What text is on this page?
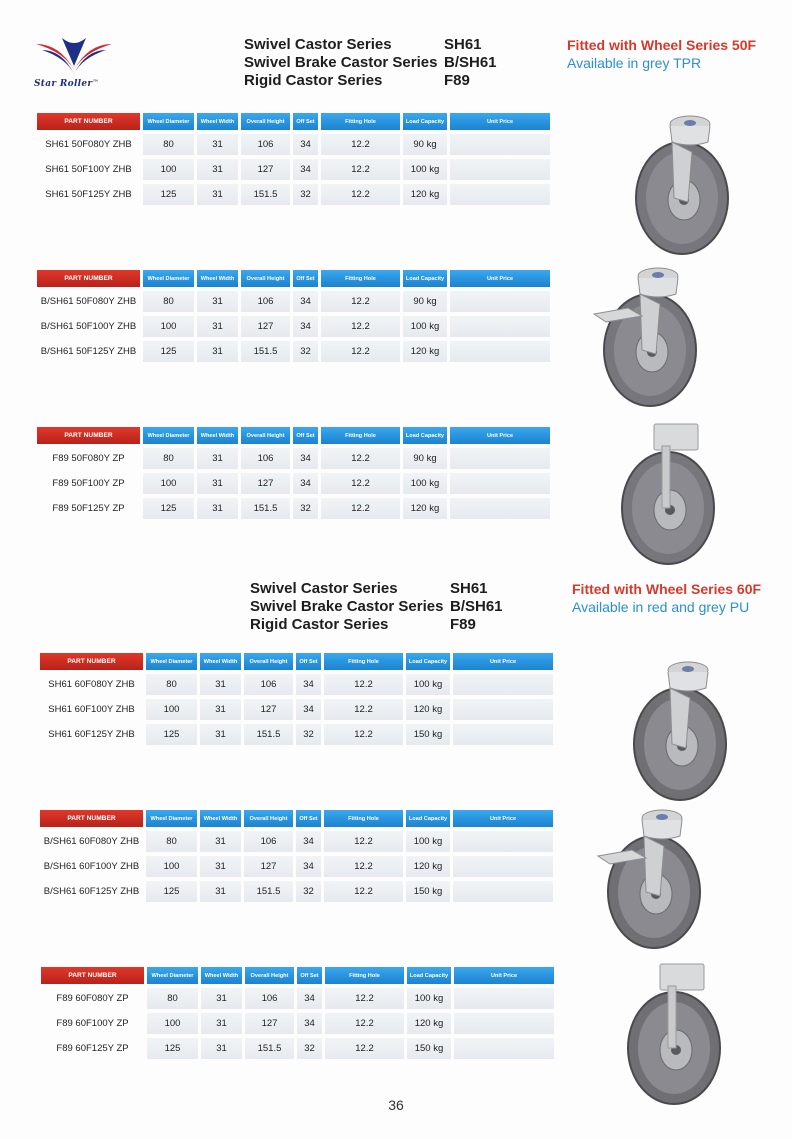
Star Roller™
Swivel Castor Series	SH61
Swivel Brake Castor Series B/SH61
Rigid Castor Series	F89
Fitted with Wheel Series 50F
Available in grey TPR
Swivel Castor Series	SH61
Swivel Brake Castor Series B/SH61
Rigid Castor Series	F89
Fitted with Wheel Series 60F
Available in red and grey PU
PART NUMBER	Wheel Diameter	Wheel Width	Overall Height	Off Set	Fitting Hole	Load Capacity	Unit Price
SH61 50F080Y ZHB	80	31	106	34	12.2	90 kg
SH61 50F100Y ZHB	100	31	127	34	12.2	100 kg
SH61 50F125Y ZHB	125	31	151.5	32	12.2	120 kg
PART NUMBER	Wheel Diameter	Wheel Width	Overall Height	Off Set	Fitting Hole	Load Capacity	Unit Price
B/SH61 50F080Y ZHB	80	31	106	34	12.2	90 kg
B/SH61 50F100Y ZHB	100	31	127	34	12.2	100 kg
B/SH61 50F125Y ZHB	125	31	151.5	32	12.2	120 kg
PART NUMBER	Wheel Diameter	Wheel Width	Overall Height	Off Set	Fitting Hole	Load Capacity	Unit Price
F89 50F080Y ZP	80	31	106	34	12.2	90 kg
F89 50F100Y ZP	100	31	127	34	12.2	100 kg
F89 50F125Y ZP	125	31	151.5	32	12.2	120 kg
PART NUMBER	Wheel Diameter	Wheel Width	Overall Height	Off Set	Fitting Hole	Load Capacity	Unit Price
SH61 60F080Y ZHB	80	31	106	34	12.2	100 kg
SH61 60F100Y ZHB	100	31	127	34	12.2	120 kg
SH61 60F125Y ZHB	125	31	151.5	32	12.2	150 kg
PART NUMBER	Wheel Diameter	Wheel Width	Overall Height	Off Set	Fitting Hole	Load Capacity	Unit Price
B/SH61 60F080Y ZHB	80	31	106	34	12.2	100 kg
B/SH61 60F100Y ZHB	100	31	127	34	12.2	120 kg
B/SH61 60F125Y ZHB	125	31	151.5	32	12.2	150 kg
PART NUMBER	Wheel Diameter	Wheel Width	Overall Height	Off Set	Fitting Hole	Load Capacity	Unit Price
F89 60F080Y ZP	80	31	106	34	12.2	100 kg
F89 60F100Y ZP	100	31	127	34	12.2	120 kg
F89 60F125Y ZP	125	31	151.5	32	12.2	150 kg
36
